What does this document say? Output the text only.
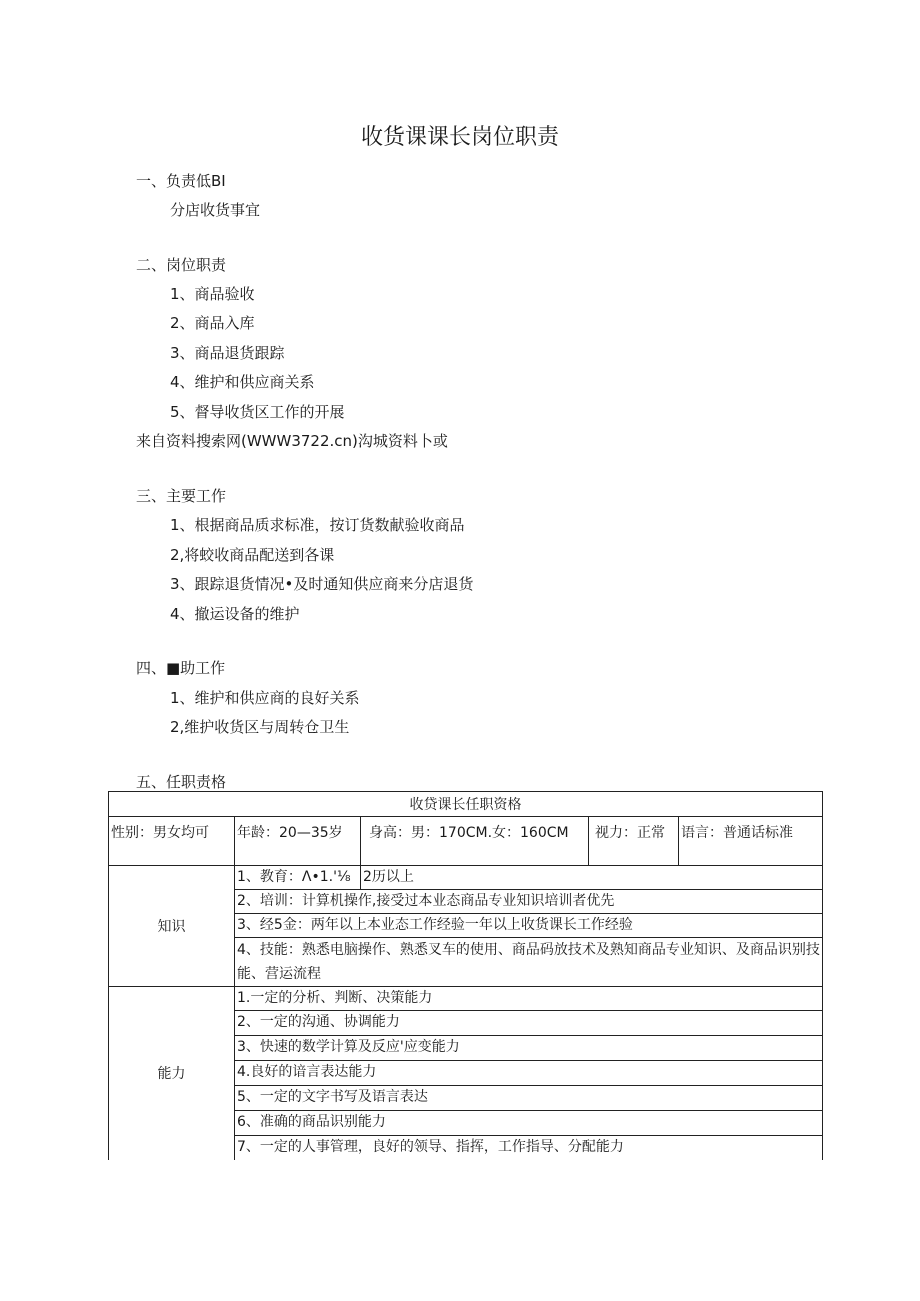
收货课课长岗位职责
一、负责低BI
分店收货事宜
二、岗位职责
1、商品验收
2、商品入库
3、商品退货跟踪
4、维护和供应商关系
5、督导收货区工作的开展
来自资料搜索网(WWW3722.cn)沟城资料卜或
三、主要工作
1、根据商品质求标准，按订货数献验收商品
2,将蛟收商品配送到各课
3、跟踪退货情况•及时通知供应商来分店退货
4、撤运设备的维护
四、■助工作
1、维护和供应商的良好关系
2,维护收货区与周转仓卫生
五、任职责格
收贷课长任职资格				
性别：男女均可	年龄：20—35岁	身高：男：170CM.女：160CM	视力：正常	语言：普通话标准
知识	1、教育：Λ•1.'⅛	2历以上		
	2、培训：计算机操作,接受过本业态商品专业知识培训者优先			
	3、经5金：两年以上本业态工作经验一年以上收货课长工作经验			
	4、技能：熟悉电脑操作、熟悉叉车的使用、商品码放技术及熟知商品专业知识、及商品识别技能、营运流程			
能力	1.一定的分析、判断、决策能力			
	2、一定的沟通、协调能力			
	3、快速的数学计算及反应'应变能力			
	4.良好的谙言表达能力			
	5、一定的文字书写及语言表达			
	6、准确的商品识别能力			
	7、一定的人事管理，良好的领导、指挥，工作指导、分配能力			
